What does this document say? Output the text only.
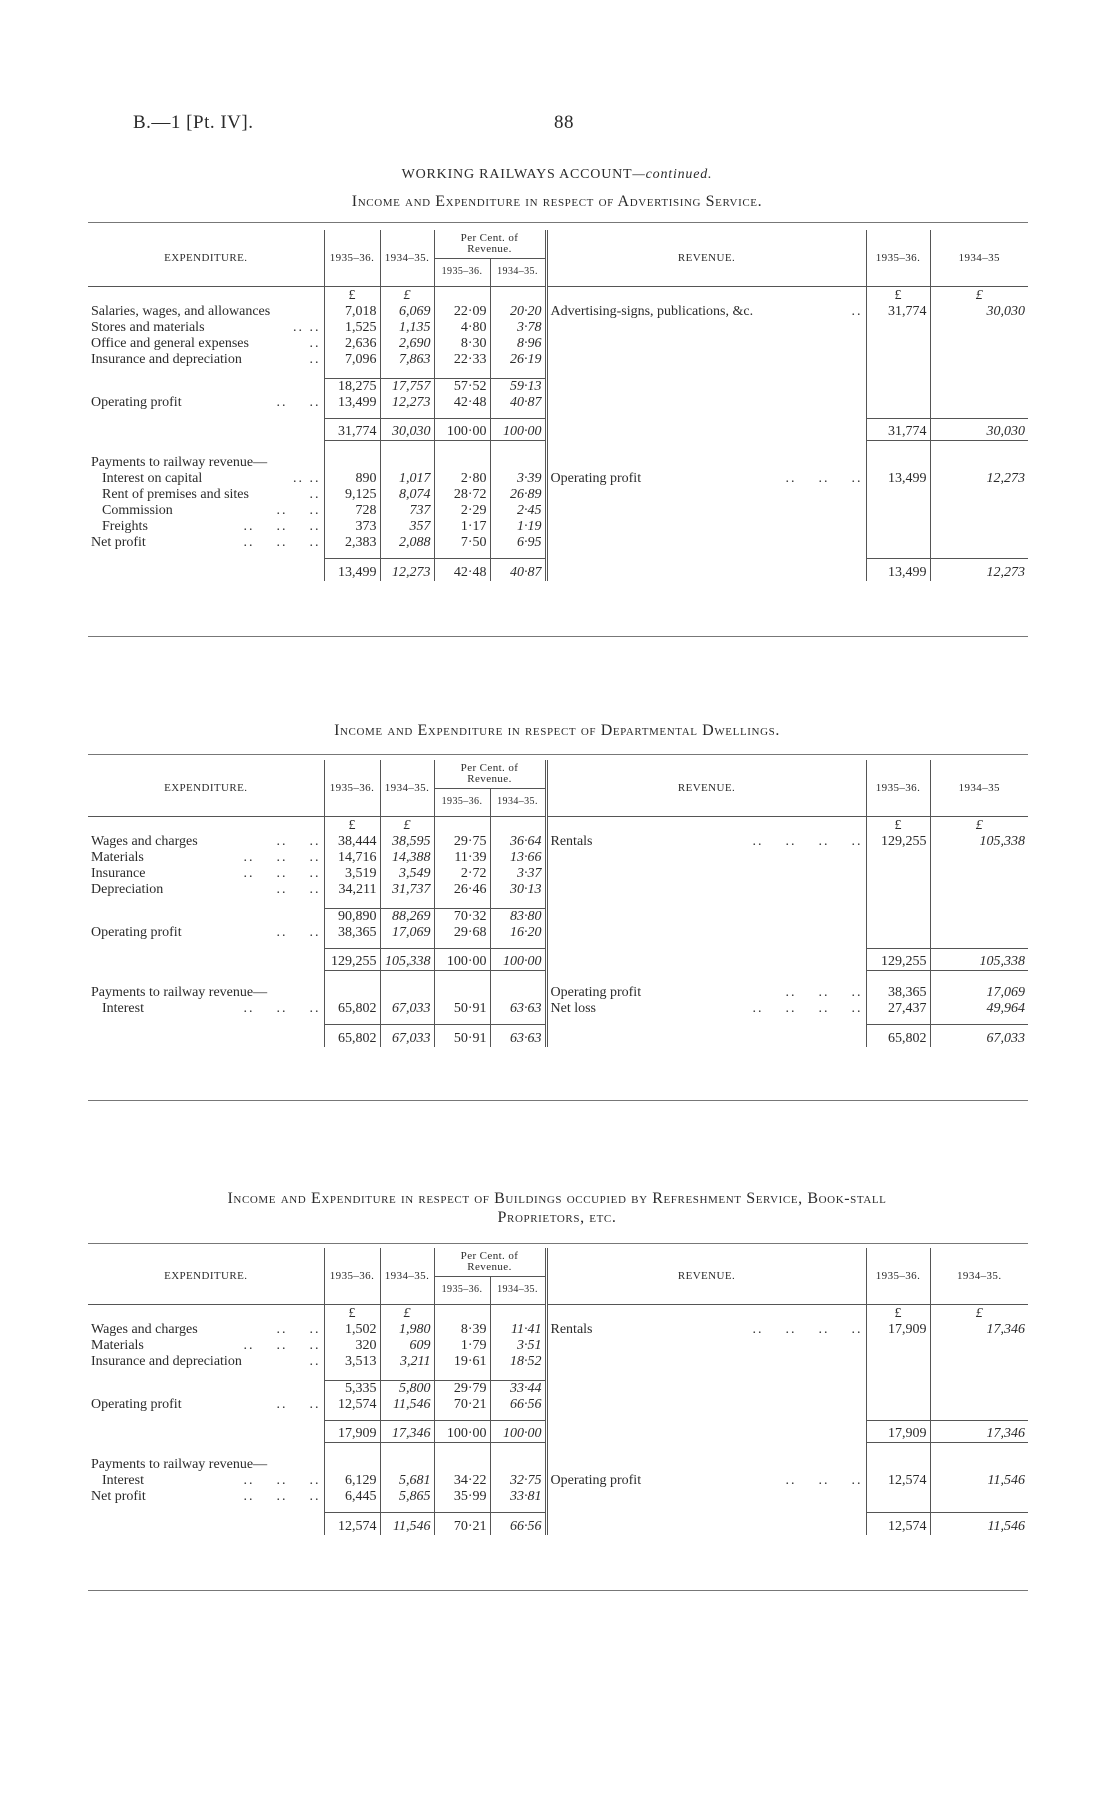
B.—1 [Pt. IV].	88
WORKING RAILWAYS ACCOUNT—continued.
Income and Expenditure in respect of Advertising Service.
EXPENDITURE.	1935–36.	1934–35.	Per Cent. of Revenue.		REVENUE.	1935–36.	1934–35
			1935–36.	1934–35.			
	£	£				£	£
Salaries, wages, and allowances	7,018	6,069	22·09	20·20	Advertising-signs, publications, &c. ..	31,774	30,030
Stores and materials .. ..	1,525	1,135	4·80	3·78			
Office and general expenses ..	2,636	2,690	8·30	8·96			
Insurance and depreciation ..	7,096	7,863	22·33	26·19			

	18,275	17,757	57·52	59·13			
Operating profit ..    ..	13,499	12,273	42·48	40·87			

	31,774	30,030	100·00	100·00		31,774	30,030

Payments to railway revenue—							
Interest on capital .. ..	890	1,017	2·80	3·39	Operating profit ..    ..    ..	13,499	12,273
Rent of premises and sites ..	9,125	8,074	28·72	26·89			
Commission ..    ..	728	737	2·29	2·45			
Freights ..    ..    ..	373	357	1·17	1·19			
Net profit ..    ..    ..	2,383	2,088	7·50	6·95			

	13,499	12,273	42·48	40·87		13,499	12,273
Income and Expenditure in respect of Departmental Dwellings.
EXPENDITURE.	1935–36.	1934–35.	Per Cent. of Revenue.		REVENUE.	1935–36.	1934–35
			1935–36.	1934–35.			
	£	£				£	£
Wages and charges ..    ..	38,444	38,595	29·75	36·64	Rentals ..    ..    ..    ..	129,255	105,338
Materials ..    ..    ..	14,716	14,388	11·39	13·66			
Insurance ..    ..    ..	3,519	3,549	2·72	3·37			
Depreciation ..    ..	34,211	31,737	26·46	30·13			

	90,890	88,269	70·32	83·80			
Operating profit ..    ..	38,365	17,069	29·68	16·20			

	129,255	105,338	100·00	100·00		129,255	105,338

Payments to railway revenue—					Operating profit ..    ..    ..	38,365	17,069
Interest ..    ..    ..	65,802	67,033	50·91	63·63	Net loss ..    ..    ..    ..	27,437	49,964

	65,802	67,033	50·91	63·63		65,802	67,033
Income and Expenditure in respect of Buildings occupied by Refreshment Service, Book-stall
Proprietors, etc.
EXPENDITURE.	1935–36.	1934–35.	Per Cent. of Revenue.		REVENUE.	1935–36.	1934–35.
			1935–36.	1934–35.			
	£	£				£	£
Wages and charges ..    ..	1,502	1,980	8·39	11·41	Rentals ..    ..    ..    ..	17,909	17,346
Materials ..    ..    ..	320	609	1·79	3·51			
Insurance and depreciation ..	3,513	3,211	19·61	18·52			

	5,335	5,800	29·79	33·44			
Operating profit ..    ..	12,574	11,546	70·21	66·56			

	17,909	17,346	100·00	100·00		17,909	17,346

Payments to railway revenue—							
Interest ..    ..    ..	6,129	5,681	34·22	32·75	Operating profit ..    ..    ..	12,574	11,546
Net profit ..    ..    ..	6,445	5,865	35·99	33·81			

	12,574	11,546	70·21	66·56		12,574	11,546
